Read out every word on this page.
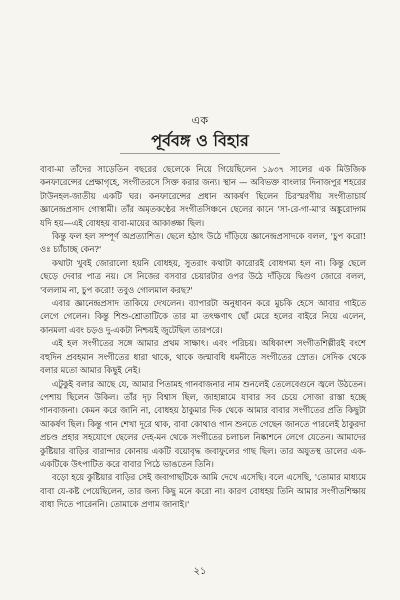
এক
পূর্ববঙ্গ ও বিহার

বাবা-মা তাঁদের সাড়েতিন বছরের ছেলেকে নিয়ে গিয়েছিলেন ১৯৩৭ সালের এক মিউজিক কনফারেন্সের প্রেক্ষাগৃহে, সংগীতরসে সিক্ত করার জন্য। স্থান — অবিভক্ত বাংলার দিনাজপুর শহরের টাউনহল-জাতীয় একটি ঘর। কনফারেন্সের প্রধান আকর্ষণ ছিলেন চিরস্মরণীয় সংগীতাচার্য জ্ঞানেন্দ্রপ্রসাদ গোস্বামী। তাঁর অমৃতকণ্ঠের সংগীতসিঞ্চনে ছেলের কানে 'সা-রে-গা-মা'র অঙ্কুরোদ্গম যদি হয়—এই বোধহয় বাবা-মায়ের আকাঙ্ক্ষা ছিল।

কিন্তু ফল হল সম্পূর্ণ অপ্রত্যাশিত। ছেলে হঠাৎ উঠে দাঁড়িয়ে জ্ঞানেন্দ্রপ্রসাদকে বলল, 'চুপ করো! ওঃ চ্যাঁচাচ্ছ কেন?'

কথাটা খুবই জোরালো হয়নি বোধহয়, সুতরাং কথাটা কারোরই বোধগম্য হল না। কিন্তু ছেলে ছেড়ে দেবার পাত্র নয়। সে নিজের বসবার চেয়ারটার ওপর উঠে দাঁড়িয়ে দ্বিগুণ জোরে বলল, 'বললাম না, চুপ করো! তবুও গোলমাল করছ?'

এবার জ্ঞানেন্দ্রপ্রসাদ তাকিয়ে দেখলেন। ব্যাপারটা অনুধাবন করে মুচকি হেসে আবার গাইতে লেগে গেলেন। কিন্তু শিশু-শ্রোতাটিকে তার মা তৎক্ষণাৎ ছোঁ মেরে হলের বাইরে নিয়ে এলেন, কানমলা এবং চড়ও দু-একটা নিশ্চয়ই জুটেছিল তারপরে।

এই হল সংগীতের সঙ্গে আমার প্রথম সাক্ষাৎ। এবং পরিচয়। অধিকাংশ সংগীতশিল্পীরই বংশে বহুদিন প্রবহমান সংগীতের ধারা থাকে, থাকে জন্মাবধি ধমনীতে সংগীতের স্রোত। সেদিক থেকে বলার মতো আমার কিছুই নেই।

এটুকুই বলার আছে যে, আমার পিতামহ গানবাজনার নাম শুনলেই তেলেবেগুনে জ্বলে উঠতেন। পেশায় ছিলেন উকিল। তাঁর দৃঢ় বিশ্বাস ছিল, জাহান্নামে যাবার সব চেয়ে সোজা রাস্তা হচ্ছে গানবাজনা। কেমন করে জানি না, বোধহয় ঠাকুমার দিক থেকে আমার বাবার সংগীতের প্রতি কিছুটা আকর্ষণ ছিল। কিন্তু গান শেখা দূরে থাক, বাবা কোথাও গান শুনতে গেছেন জানতে পারলেই ঠাকুরদা প্রচণ্ড প্রহার সহযোগে ছেলের দেহ-মন থেকে সংগীতের চলাচল নিষ্কাশনে লেগে যেতেন। আমাদের কুষ্টিয়ার বাড়ির বারান্দার কোনায় একটি বয়োবৃদ্ধ জবাফুলের গাছ ছিল। তার অযুতস্থ ডালের এক-একটিকে উৎপাটিত করে বাবার পিঠে ভাঙতেন তিনি।

বড়ো হয়ে কুষ্টিয়ার বাড়ির সেই জবাগাছটিকে আমি দেখে এসেছি। বলে এসেছি, 'তোমার মাধ্যমে বাবা যে-কষ্ট পেয়েছিলেন, তার জন্য কিছু মনে করো না। কারণ বোধহয় তিনি আমার সংগীতশিক্ষায় বাধা দিতে পারেননি। তোমাকে প্রণাম জানাই।'

২১
